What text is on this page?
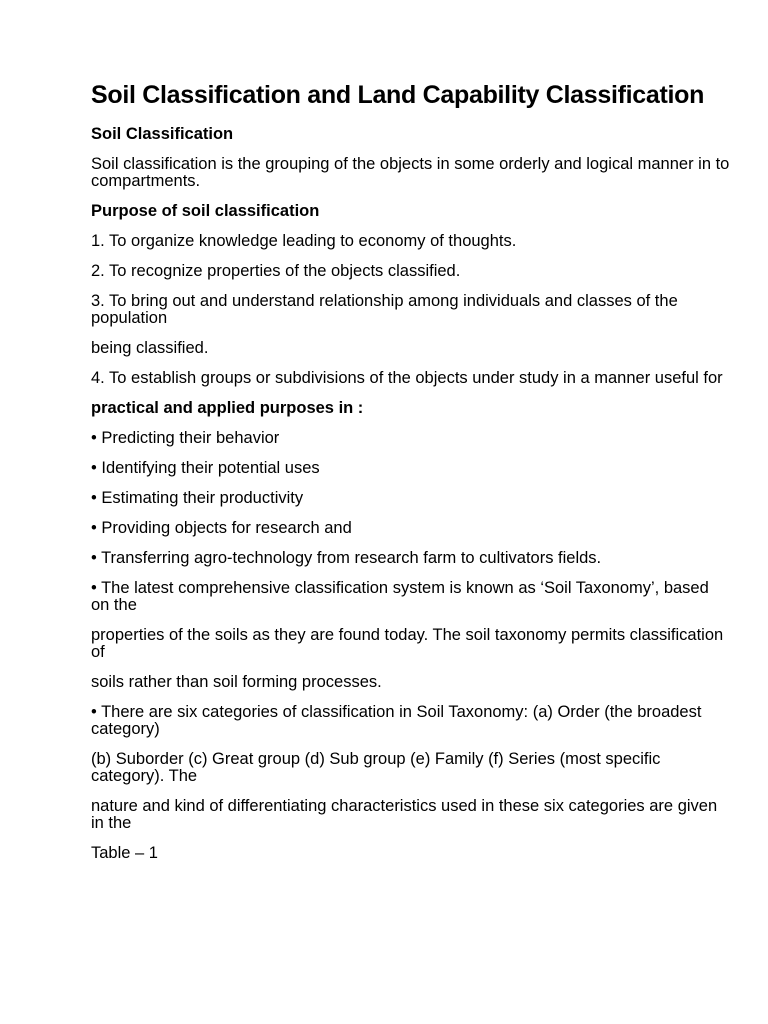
Soil Classification and Land Capability Classification
Soil Classification
Soil classification is the grouping of the objects in some orderly and logical manner in to compartments.
Purpose of soil classification
1. To organize knowledge leading to economy of thoughts.
2. To recognize properties of the objects classified.
3. To bring out and understand relationship among individuals and classes of the population
being classified.
4. To establish groups or subdivisions of the objects under study in a manner useful for
practical and applied purposes in :
• Predicting their behavior
• Identifying their potential uses
• Estimating their productivity
• Providing objects for research and
• Transferring agro-technology from research farm to cultivators fields.
• The latest comprehensive classification system is known as ‘Soil Taxonomy’, based on the
properties of the soils as they are found today. The soil taxonomy permits classification of
soils rather than soil forming processes.
• There are six categories of classification in Soil Taxonomy: (a) Order (the broadest category)
(b) Suborder (c) Great group (d) Sub group (e) Family (f) Series (most specific category). The
nature and kind of differentiating characteristics used in these six categories are given in the
Table – 1
